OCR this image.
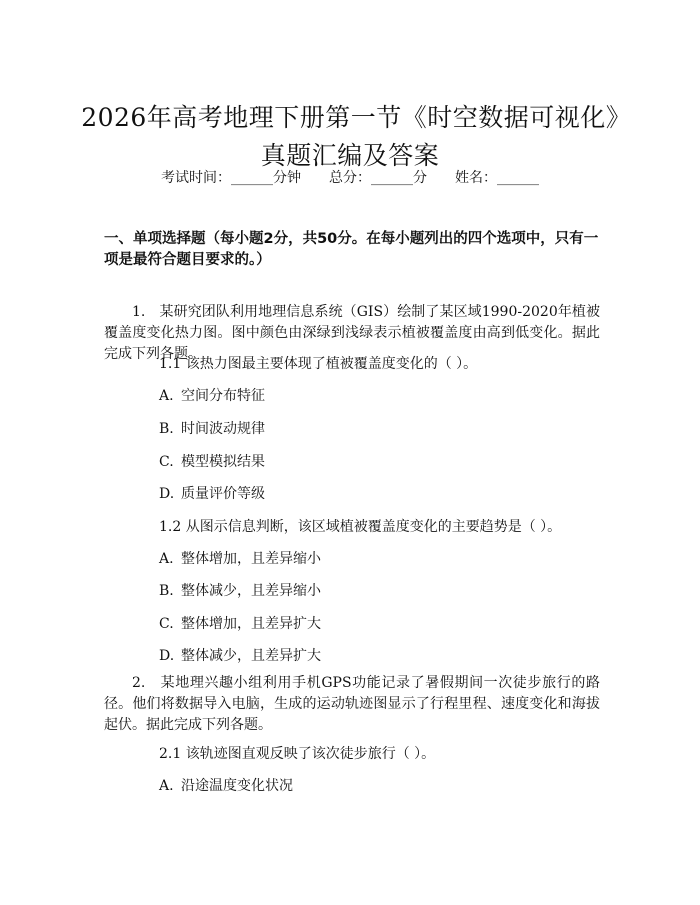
2026年高考地理下册第一节《时空数据可视化》真题汇编及答案
考试时间：______分钟 总分：______分 姓名：______
一、单项选择题（每小题2分，共50分。在每小题列出的四个选项中，只有一项是最符合题目要求的。）
1.　某研究团队利用地理信息系统（GIS）绘制了某区域1990-2020年植被覆盖度变化热力图。图中颜色由深绿到浅绿表示植被覆盖度由高到低变化。据此完成下列各题。
1.1 该热力图最主要体现了植被覆盖度变化的（ ）。
A. 空间分布特征
B. 时间波动规律
C. 模型模拟结果
D. 质量评价等级
1.2 从图示信息判断，该区域植被覆盖度变化的主要趋势是（ ）。
A. 整体增加，且差异缩小
B. 整体减少，且差异缩小
C. 整体增加，且差异扩大
D. 整体减少，且差异扩大
2.　某地理兴趣小组利用手机GPS功能记录了暑假期间一次徒步旅行的路径。他们将数据导入电脑，生成的运动轨迹图显示了行程里程、速度变化和海拔起伏。据此完成下列各题。
2.1 该轨迹图直观反映了该次徒步旅行（ ）。
A. 沿途温度变化状况
